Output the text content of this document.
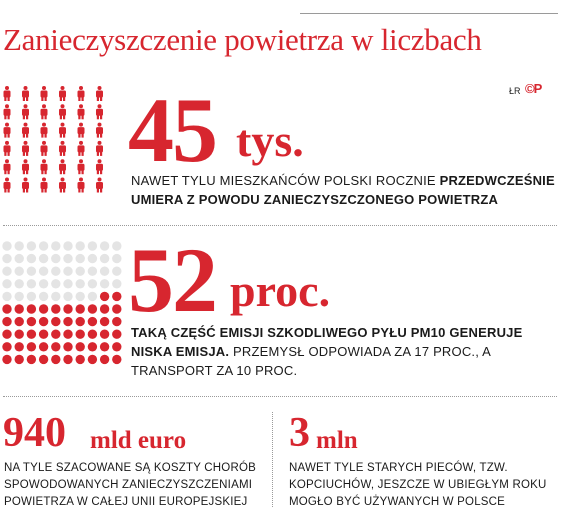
Zanieczyszczenie powietrza w liczbach
ŁR ©P
45 tys.
NAWET TYLU MIESZKAŃCÓW POLSKI ROCZNIE PRZEDWCZEŚNIE UMIERA Z POWODU ZANIECZYSZCZONEGO POWIETRZA
52 proc.
TAKĄ CZĘŚĆ EMISJI SZKODLIWEGO PYŁU PM10 GENERUJE NISKA EMISJA. PRZEMYSŁ ODPOWIADA ZA 17 PROC., A TRANSPORT ZA 10 PROC.
940 mld euro
NA TYLE SZACOWANE SĄ KOSZTY CHORÓB SPOWODOWANYCH ZANIECZYSZCZENIAMI POWIETRZA W CAŁEJ UNII EUROPEJSKIEJ
3 mln
NAWET TYLE STARYCH PIECÓW, TZW. KOPCIUCHÓW, JESZCZE W UBIEGŁYM ROKU MOGŁO BYĆ UŻYWANYCH W POLSCE
